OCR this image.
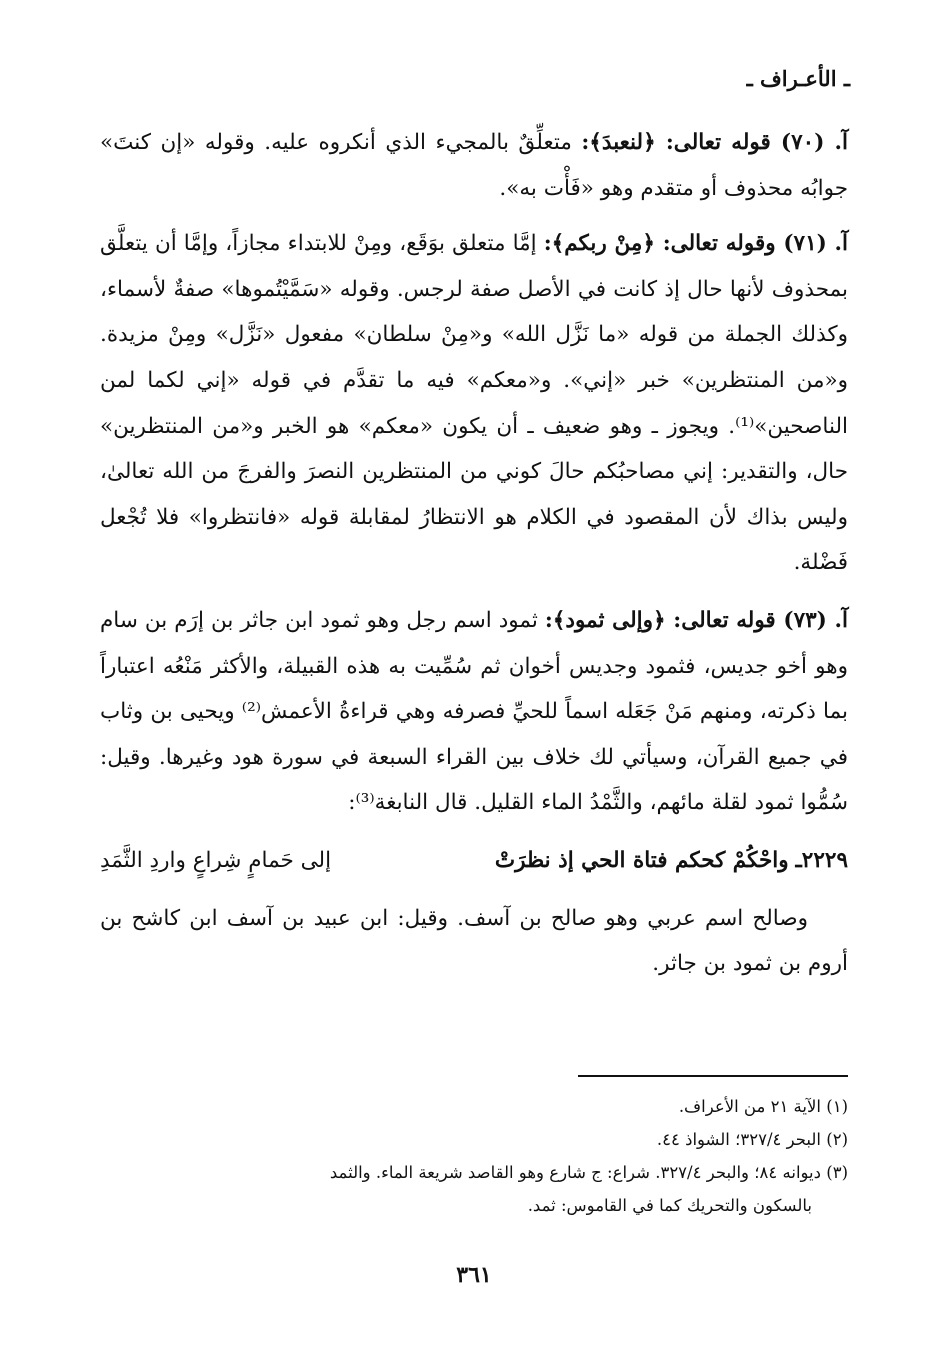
ـ الأعـراف ـ

آ. (٧٠) قوله تعالى: ﴿لنعبدَ﴾: متعلِّقٌ بالمجيء الذي أنكروه عليه. وقوله «إن كنتَ» جوابُه محذوف أو متقدم وهو «فَأْت به».

آ. (٧١) وقوله تعالى: ﴿مِنْ ربكم﴾: إمَّا متعلق بوَقَع، ومِنْ للابتداء مجازاً، وإمَّا أن يتعلَّق بمحذوف لأنها حال إذ كانت في الأصل صفة لرجس. وقوله «سَمَّيْتُموها» صفةٌ لأسماء، وكذلك الجملة من قوله «ما نَزَّل الله» و«مِنْ سلطان» مفعول «نَزَّل» ومِنْ مزيدة. و«من المنتظرين» خبر «إني». و«معكم» فيه ما تقدَّم في قوله «إني لكما لمن الناصحين»⁽¹⁾. ويجوز ـ وهو ضعيف ـ أن يكون «معكم» هو الخبر و«من المنتظرين» حال، والتقدير: إني مصاحبُكم حالَ كوني من المنتظرين النصرَ والفرجَ من الله تعالىٰ، وليس بذاك لأن المقصود في الكلام هو الانتظارُ لمقابلة قوله «فانتظروا» فلا تُجْعل فَضْلة.

آ. (٧٣) قوله تعالى: ﴿وإلى ثمود﴾: ثمود اسم رجل وهو ثمود ابن جاثر بن إرَم بن سام وهو أخو جديس، فثمود وجديس أخوان ثم سُمِّيت به هذه القبيلة، والأكثر مَنْعُه اعتباراً بما ذكرته، ومنهم مَنْ جَعَله اسماً للحيِّ فصرفه وهي قراءةُ الأعمش⁽²⁾ ويحيى بن وثاب في جميع القرآن، وسيأتي لك خلاف بين القراء السبعة في سورة هود وغيرها. وقيل: سُمُّوا ثمود لقلة مائهم، والثَّمْدُ الماء القليل. قال النابغة⁽³⁾:

٢٢٢٩ـ واحْكُمْ كحكم فتاة الحي إذ نظرَتْ
إلى حَمامٍ شِراعٍ واردِ الثَّمَدِ

وصالح اسم عربي وهو صالح بن آسف. وقيل: ابن عبيد بن آسف ابن كاشح بن أروم بن ثمود بن جاثر.

(١) الآية ٢١ من الأعراف.

(٢) البحر ٣٢٧/٤؛ الشواذ ٤٤.

(٣) ديوانه ٨٤؛ والبحر ٣٢٧/٤. شراع: ج شارع وهو القاصد شريعة الماء. والثمد

بالسكون والتحريك كما في القاموس: ثمد.

٣٦١
